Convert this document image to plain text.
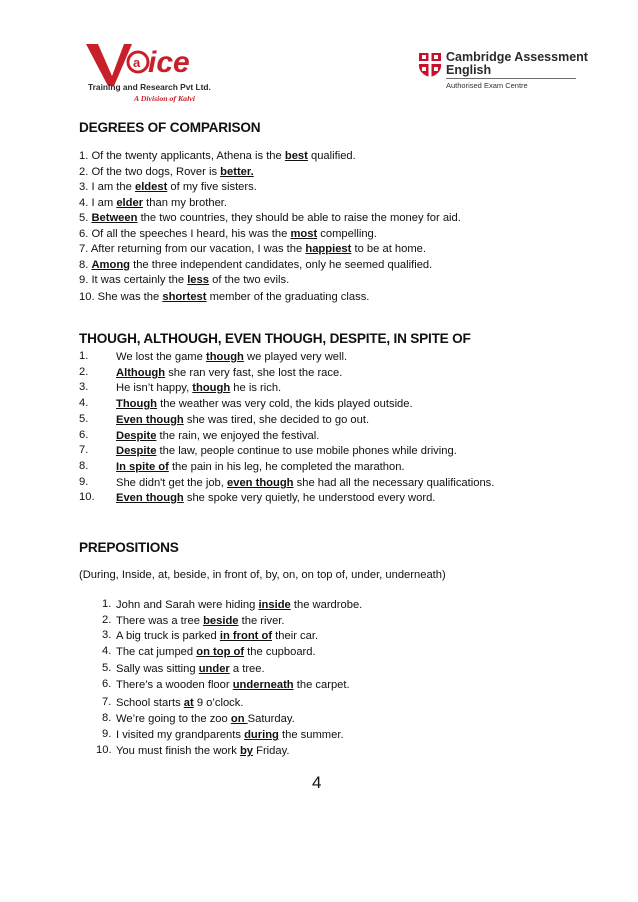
a ice
Training and Research Pvt Ltd.
A Division of Kalvi
Cambridge Assessment
English
Authorised Exam Centre
DEGREES OF COMPARISON
1. Of the twenty applicants, Athena is the best qualified.
2. Of the two dogs, Rover is better.
3. I am the eldest of my five sisters.
4. I am elder than my brother.
5. Between the two countries, they should be able to raise the money for aid.
6. Of all the speeches I heard, his was the most compelling.
7. After returning from our vacation, I was the happiest to be at home.
8. Among the three independent candidates, only he seemed qualified.
9. It was certainly the less of the two evils.
10. She was the shortest member of the graduating class.
THOUGH, ALTHOUGH, EVEN THOUGH, DESPITE, IN SPITE OF
1. We lost the game though we played very well.
2. Although she ran very fast, she lost the race.
3. He isn’t happy, though he is rich.
4. Though the weather was very cold, the kids played outside.
5. Even though she was tired, she decided to go out.
6. Despite the rain, we enjoyed the festival.
7. Despite the law, people continue to use mobile phones while driving.
8. In spite of the pain in his leg, he completed the marathon.
9. She didn't get the job, even though she had all the necessary qualifications.
10. Even though she spoke very quietly, he understood every word.
PREPOSITIONS
(During, Inside, at, beside, in front of, by, on, on top of, under, underneath)
1. John and Sarah were hiding inside the wardrobe.
2. There was a tree beside the river.
3. A big truck is parked in front of their car.
4. The cat jumped on top of the cupboard.
5. Sally was sitting under a tree.
6. There’s a wooden floor underneath the carpet.
7. School starts at 9 o’clock.
8. We’re going to the zoo on Saturday.
9. I visited my grandparents during the summer.
10. You must finish the work by Friday.
4
